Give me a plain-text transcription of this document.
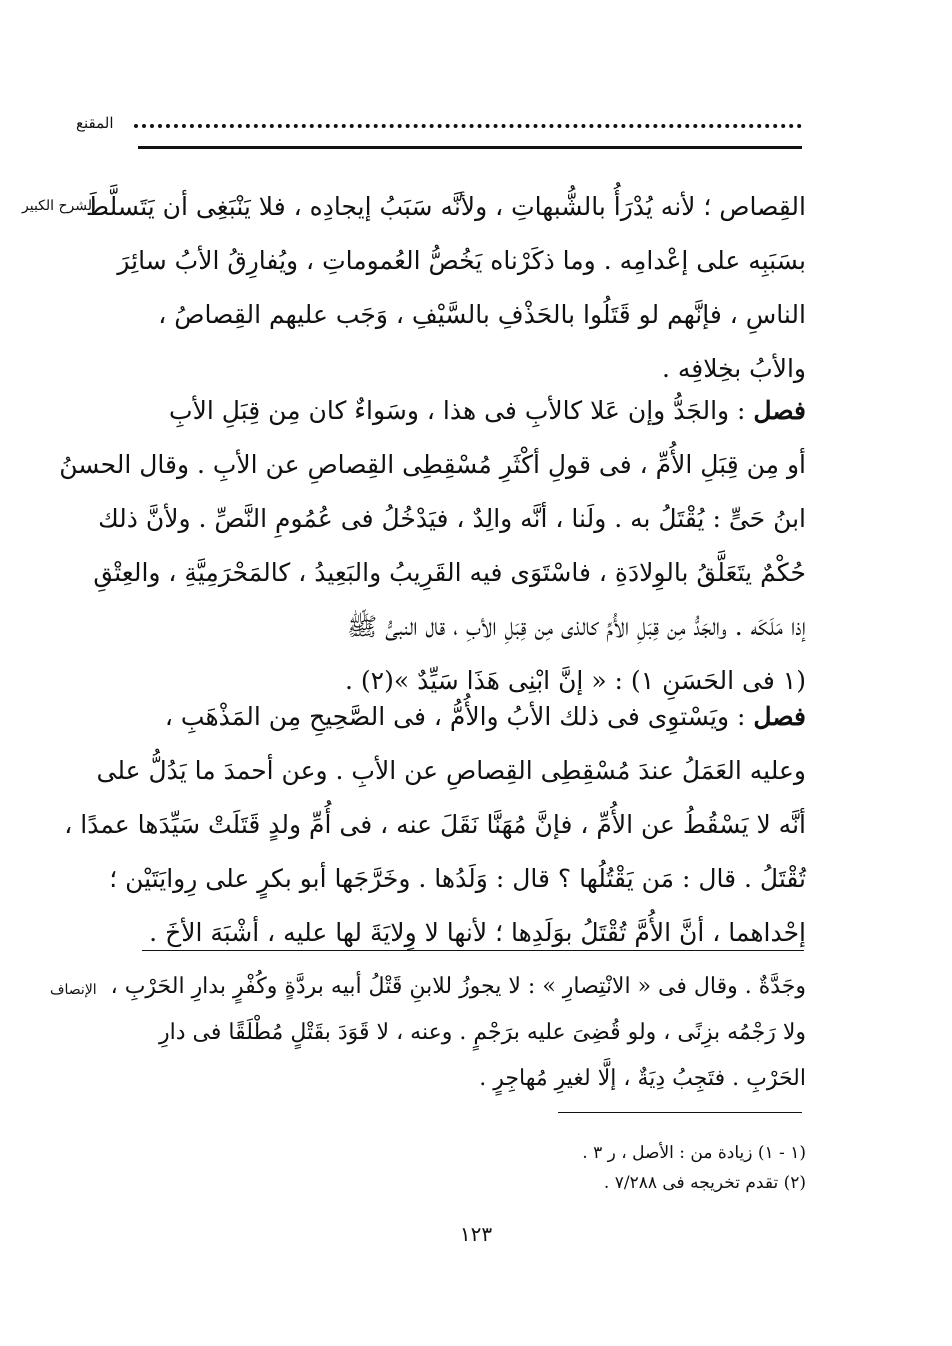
المقنع
الشرح الكبير
الإنصاف
القِصاص ؛ لأنه يُدْرَأُ بالشُّبهاتِ ، ولأنَّه سَبَبُ إيجادِه ، فلا يَنْبَغِى أن يَتَسلَّطَ
بسَبَبِه على إعْدامِه . وما ذكَرْناه يَخُصُّ العُموماتِ ، ويُفارِقُ الأبُ سائِرَ
الناسِ ، فإنَّهم لو قَتَلُوا بالحَذْفِ بالسَّيْفِ ، وَجَب عليهم القِصاصُ ،
والأبُ بخِلافِه .
فصل : والجَدُّ وإن عَلا كالأبِ فى هذا ، وسَواءٌ كان مِن قِبَلِ الأبِ
أو مِن قِبَلِ الأُمِّ ، فى قولِ أكْثَرِ مُسْقِطِى القِصاصِ عن الأبِ . وقال الحسنُ
ابنُ حَىٍّ : يُقْتَلُ به . ولَنا ، أنَّه والِدٌ ، فيَدْخُلُ فى عُمُومِ النَّصِّ . ولأنَّ ذلك
حُكْمٌ يتَعَلَّقُ بالوِلادَةِ ، فاسْتَوَى فيه القَرِيبُ والبَعِيدُ ، كالمَحْرَمِيَّةِ ، والعِتْقِ
إذا مَلَكَه . والجَدُّ مِن قِبَلِ الأُمِّ كالذى مِن قِبَلِ الأبِ ، قال النبىُّ ﷺ
(١ فى الحَسَنِ ١) : « إنَّ ابْنِى هَذَا سَيِّدٌ »(٢) .
فصل : ويَسْتوِى فى ذلك الأبُ والأُمُّ ، فى الصَّحِيحِ مِن المَذْهَبِ ،
وعليه العَمَلُ عندَ مُسْقِطِى القِصاصِ عن الأبِ . وعن أحمدَ ما يَدُلُّ على
أنَّه لا يَسْقُطُ عن الأُمِّ ، فإنَّ مُهَنَّا نَقَلَ عنه ، فى أُمِّ ولدٍ قَتَلَتْ سَيِّدَها عمدًا ،
تُقْتَلُ . قال : مَن يَقْتُلُها ؟ قال : وَلَدُها . وخَرَّجَها أبو بكرٍ على رِوايَتَيْن ؛
إحْداهما ، أنَّ الأُمَّ تُقْتَلُ بوَلَدِها ؛ لأنها لا وِلايَةَ لها عليه ، أشْبَهَ الأخَ .
وجَدَّةٌ . وقال فى « الانْتِصارِ » : لا يجوزُ للابنِ قَتْلُ أبيه بردَّةٍ وكُفْرٍ بدارِ الحَرْبِ ،
ولا رَجْمُه بزِنًى ، ولو قُضِىَ عليه برَجْمٍ . وعنه ، لا قَوَدَ بقَتْلٍ مُطْلَقًا فى دارِ
الحَرْبِ . فتَجِبُ دِيَةٌ ، إلَّا لغيرِ مُهاجِرٍ .
(١ - ١) زيادة من : الأصل ، ر ٣ .
(٢) تقدم تخريجه فى ٧/٢٨٨ .
١٢٣
